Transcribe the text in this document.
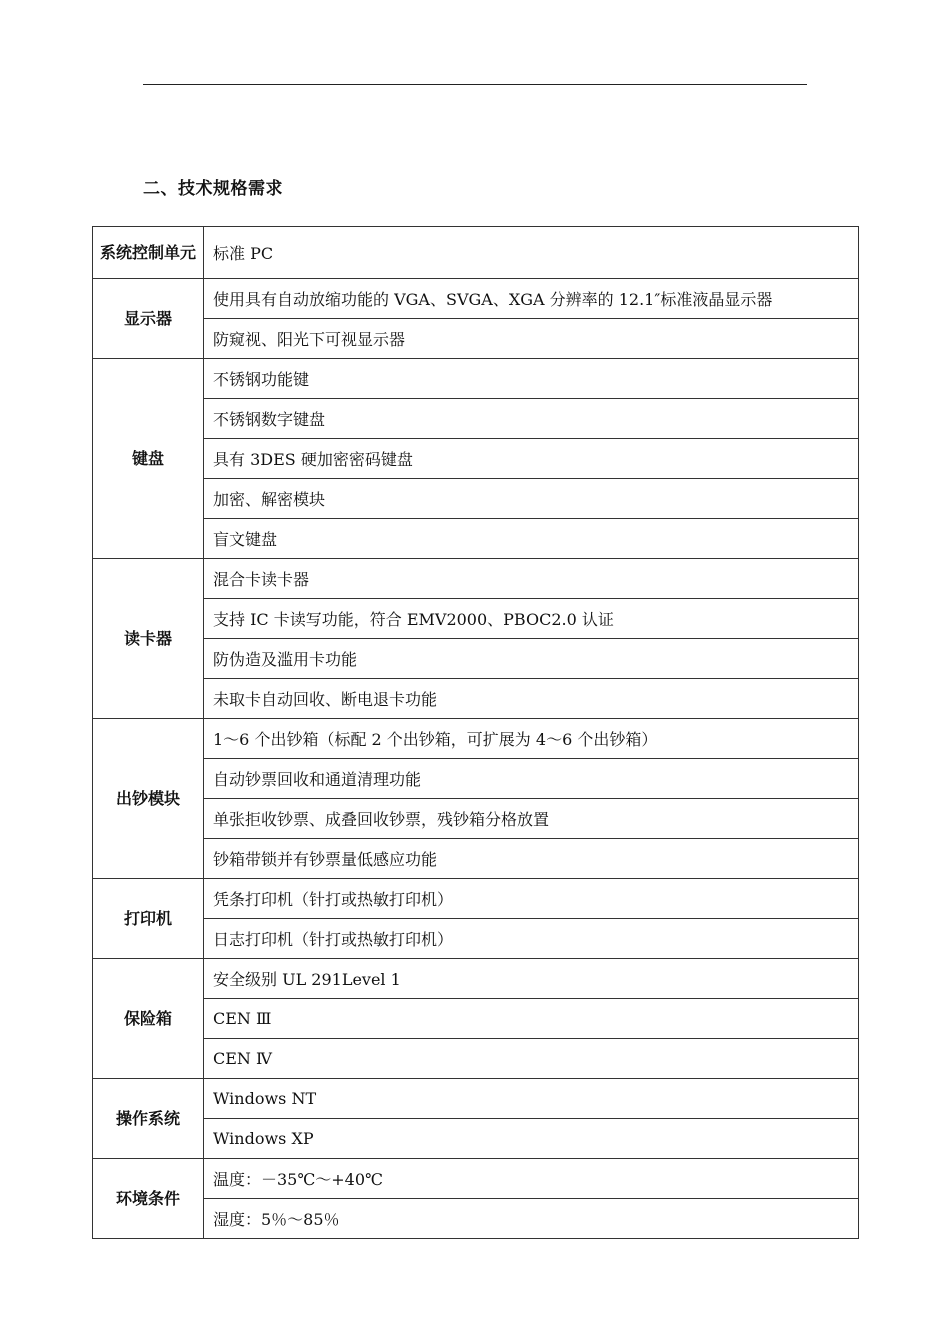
二、技术规格需求
系统控制单元	标准 PC
显示器	使用具有自动放缩功能的 VGA、SVGA、XGA 分辨率的 12.1″标准液晶显示器
	防窥视、阳光下可视显示器
键盘	不锈钢功能键
	不锈钢数字键盘
	具有 3DES 硬加密密码键盘
	加密、解密模块
	盲文键盘
读卡器	混合卡读卡器
	支持 IC 卡读写功能，符合 EMV2000、PBOC2.0 认证
	防伪造及滥用卡功能
	未取卡自动回收、断电退卡功能
出钞模块	1～6 个出钞箱（标配 2 个出钞箱，可扩展为 4～6 个出钞箱）
	自动钞票回收和通道清理功能
	单张拒收钞票、成叠回收钞票，残钞箱分格放置
	钞箱带锁并有钞票量低感应功能
打印机	凭条打印机（针打或热敏打印机）
	日志打印机（针打或热敏打印机）
保险箱	安全级别 UL 291Level 1
	CEN Ⅲ
	CEN Ⅳ
操作系统	Windows NT
	Windows XP
环境条件	温度：－35℃～+40℃
	湿度：5％～85％
